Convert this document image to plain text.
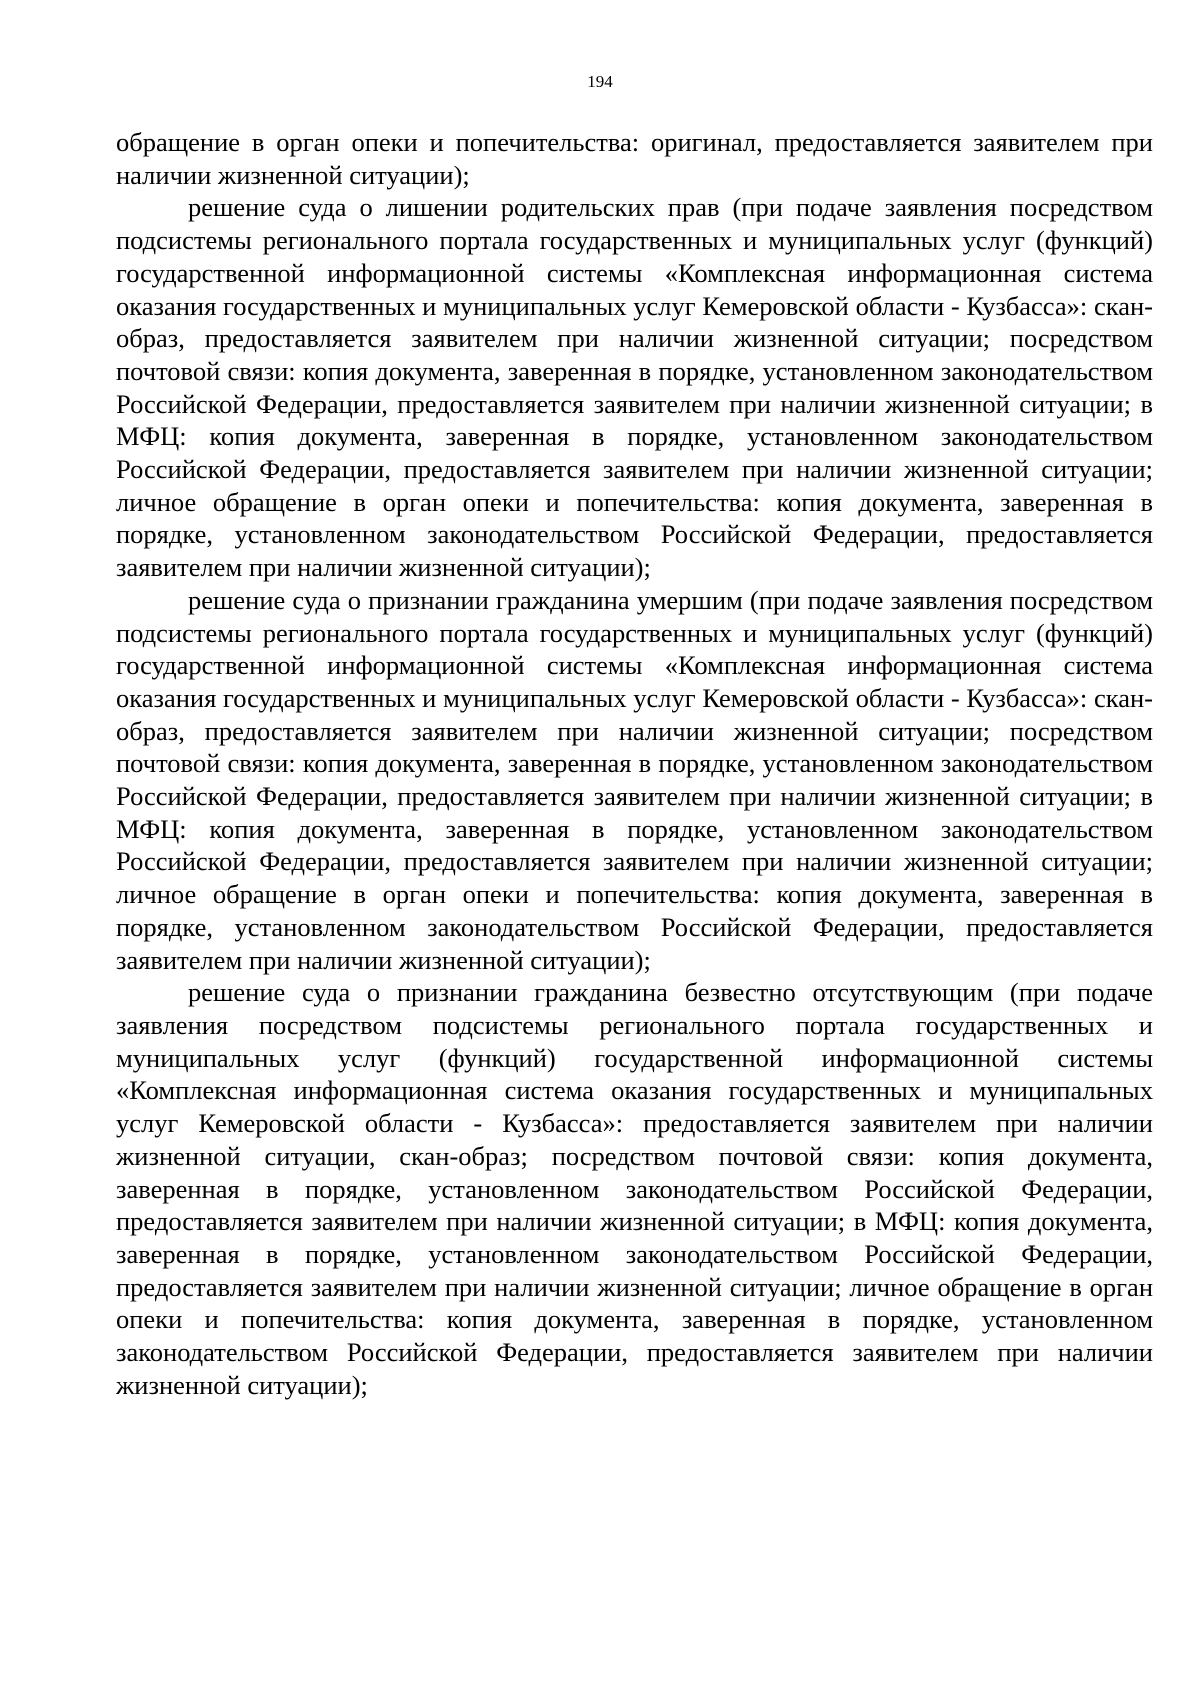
194

обращение в орган опеки и попечительства: оригинал, предоставляется заявителем при наличии жизненной ситуации);

решение суда о лишении родительских прав (при подаче заявления посредством подсистемы регионального портала государственных и муниципальных услуг (функций) государственной информационной системы «Комплексная информационная система оказания государственных и муниципальных услуг Кемеровской области - Кузбасса»: скан-образ, предоставляется заявителем при наличии жизненной ситуации; посредством почтовой связи: копия документа, заверенная в порядке, установленном законодательством Российской Федерации, предоставляется заявителем при наличии жизненной ситуации; в МФЦ: копия документа, заверенная в порядке, установленном законодательством Российской Федерации, предоставляется заявителем при наличии жизненной ситуации; личное обращение в орган опеки и попечительства: копия документа, заверенная в порядке, установленном законодательством Российской Федерации, предоставляется заявителем при наличии жизненной ситуации);

решение суда о признании гражданина умершим (при подаче заявления посредством подсистемы регионального портала государственных и муниципальных услуг (функций) государственной информационной системы «Комплексная информационная система оказания государственных и муниципальных услуг Кемеровской области - Кузбасса»: скан-образ, предоставляется заявителем при наличии жизненной ситуации; посредством почтовой связи: копия документа, заверенная в порядке, установленном законодательством Российской Федерации, предоставляется заявителем при наличии жизненной ситуации; в МФЦ: копия документа, заверенная в порядке, установленном законодательством Российской Федерации, предоставляется заявителем при наличии жизненной ситуации; личное обращение в орган опеки и попечительства: копия документа, заверенная в порядке, установленном законодательством Российской Федерации, предоставляется заявителем при наличии жизненной ситуации);

решение суда о признании гражданина безвестно отсутствующим (при подаче заявления посредством подсистемы регионального портала государственных и муниципальных услуг (функций) государственной информационной системы «Комплексная информационная система оказания государственных и муниципальных услуг Кемеровской области - Кузбасса»: предоставляется заявителем при наличии жизненной ситуации, скан-образ; посредством почтовой связи: копия документа, заверенная в порядке, установленном законодательством Российской Федерации, предоставляется заявителем при наличии жизненной ситуации; в МФЦ: копия документа, заверенная в порядке, установленном законодательством Российской Федерации, предоставляется заявителем при наличии жизненной ситуации; личное обращение в орган опеки и попечительства: копия документа, заверенная в порядке, установленном законодательством Российской Федерации, предоставляется заявителем при наличии жизненной ситуации);
